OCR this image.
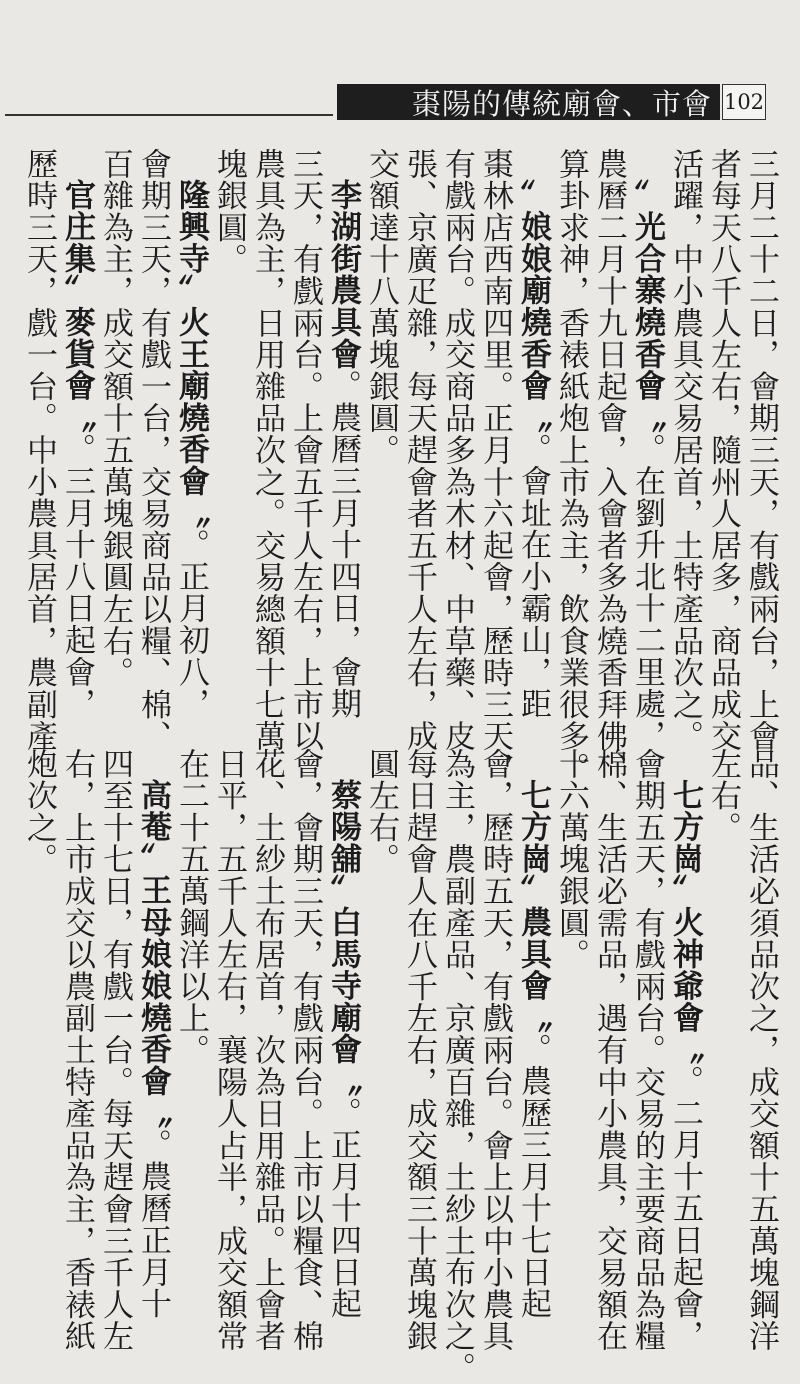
棗陽的傳統廟會、市會 102
三月二十二日，會期三天，有戲兩台，上會
者每天八千人左右，隨州人居多，商品成交
活躍，中小農具交易居首，土特產品次之。
〞光合寨燒香會〝。在劉升北十二里處，
農曆二月十九日起會，入會者多為燒香拜佛、
算卦求神，香裱紙炮上市為主，飲食業很多。
〞娘娘廟燒香會〝。會址在小霸山，距
棗林店西南四里。正月十六起會，歷時三天，
有戲兩台。成交商品多為木材、中草藥、皮
張、京廣疋雜，每天趕會者五千人左右，成
交額達十八萬塊銀圓。
李湖街農具會。農曆三月十四日，會期
三天，有戲兩台。上會五千人左右，上市以
農具為主，日用雜品次之。交易總額十七萬
塊銀圓。
隆興寺〞火王廟燒香會〝。正月初八，
會期三天，有戲一台，交易商品以糧、棉、
百雜為主，成交額十五萬塊銀圓左右。
官庄集〞麥貨會〝。三月十八日起會，
歷時三天，戲一台。中小農具居首，農副產
品、生活必須品次之，成交額十五萬塊鋼洋
左右。
七方崗〞火神爺會〝。二月十五日起會，
會期五天，有戲兩台。交易的主要商品為糧
棉、生活必需品，遇有中小農具，交易額在
十六萬塊銀圓。
七方崗〞農具會〝。農歷三月十七日起
會，歷時五天，有戲兩台。會上以中小農具
為主，農副產品、京廣百雜，土紗土布次之。
每日趕會人在八千左右，成交額三十萬塊銀
圓左右。
蔡陽舖〞白馬寺廟會〝。正月十四日起
會，會期三天，有戲兩台。上市以糧食、棉
花、土紗土布居首，次為日用雜品。上會者
日平，五千人左右，襄陽人占半，成交額常
在二十五萬鋼洋以上。
高菴〞王母娘娘燒香會〝。農曆正月十
四至十七日，有戲一台。每天趕會三千人左
右，上市成交以農副土特產品為主，香裱紙
炮次之。
